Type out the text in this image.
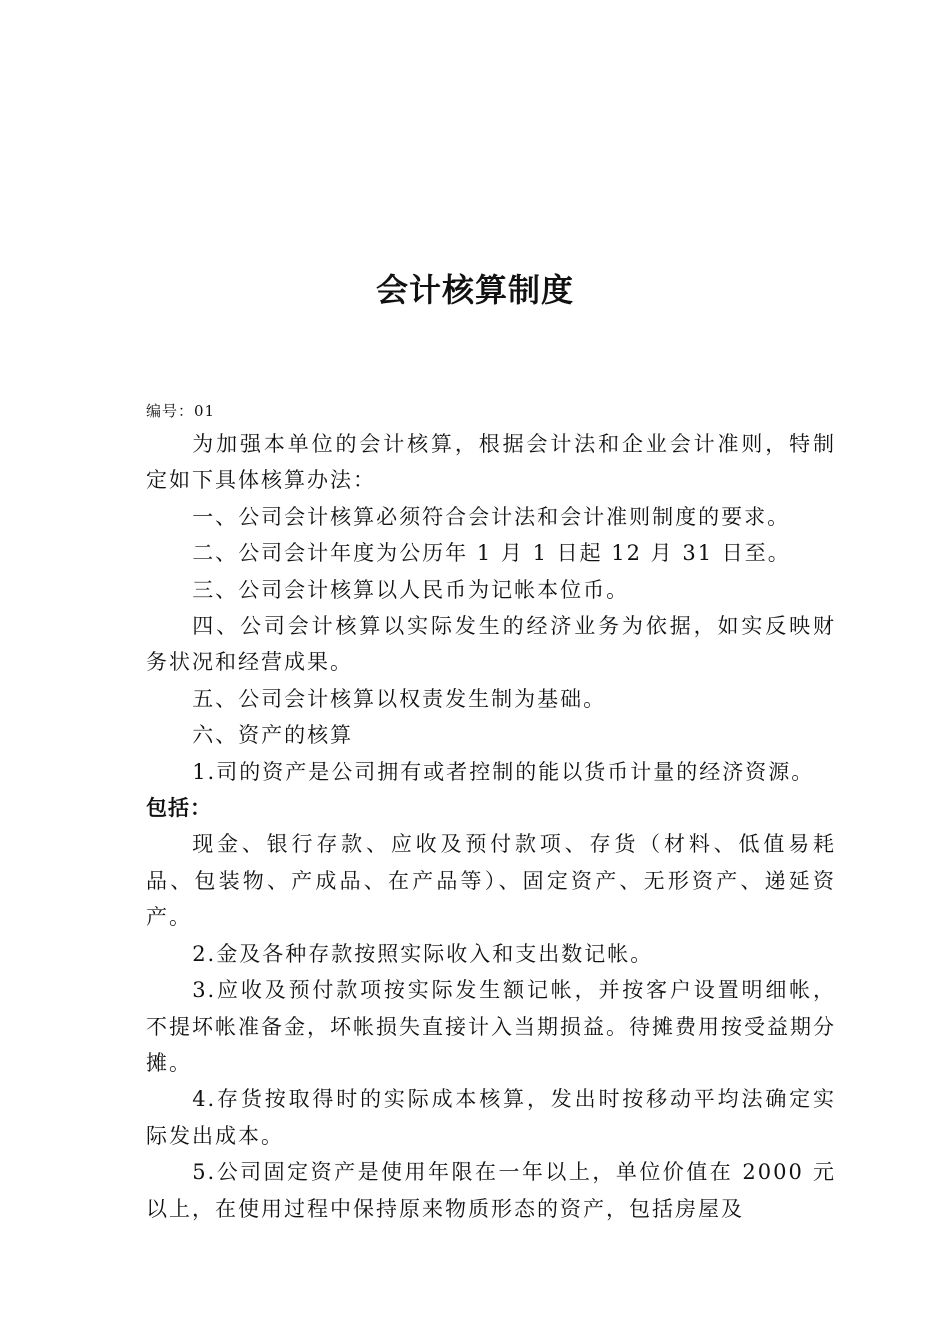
会计核算制度
编号：01

为加强本单位的会计核算，根据会计法和企业会计准则，特制定如下具体核算办法：

一、公司会计核算必须符合会计法和会计准则制度的要求。

二、公司会计年度为公历年 1 月 1 日起 12 月 31 日至。

三、公司会计核算以人民币为记帐本位币。

四、公司会计核算以实际发生的经济业务为依据，如实反映财务状况和经营成果。

五、公司会计核算以权责发生制为基础。

六、资产的核算

1.司的资产是公司拥有或者控制的能以货币计量的经济资源。

包括：

现金、银行存款、应收及预付款项、存货（材料、低值易耗品、包装物、产成品、在产品等）、固定资产、无形资产、递延资产。

2.金及各种存款按照实际收入和支出数记帐。

3.应收及预付款项按实际发生额记帐，并按客户设置明细帐，不提坏帐准备金，坏帐损失直接计入当期损益。待摊费用按受益期分摊。

4.存货按取得时的实际成本核算，发出时按移动平均法确定实际发出成本。

5.公司固定资产是使用年限在一年以上，单位价值在 2000 元以上，在使用过程中保持原来物质形态的资产，包括房屋及
